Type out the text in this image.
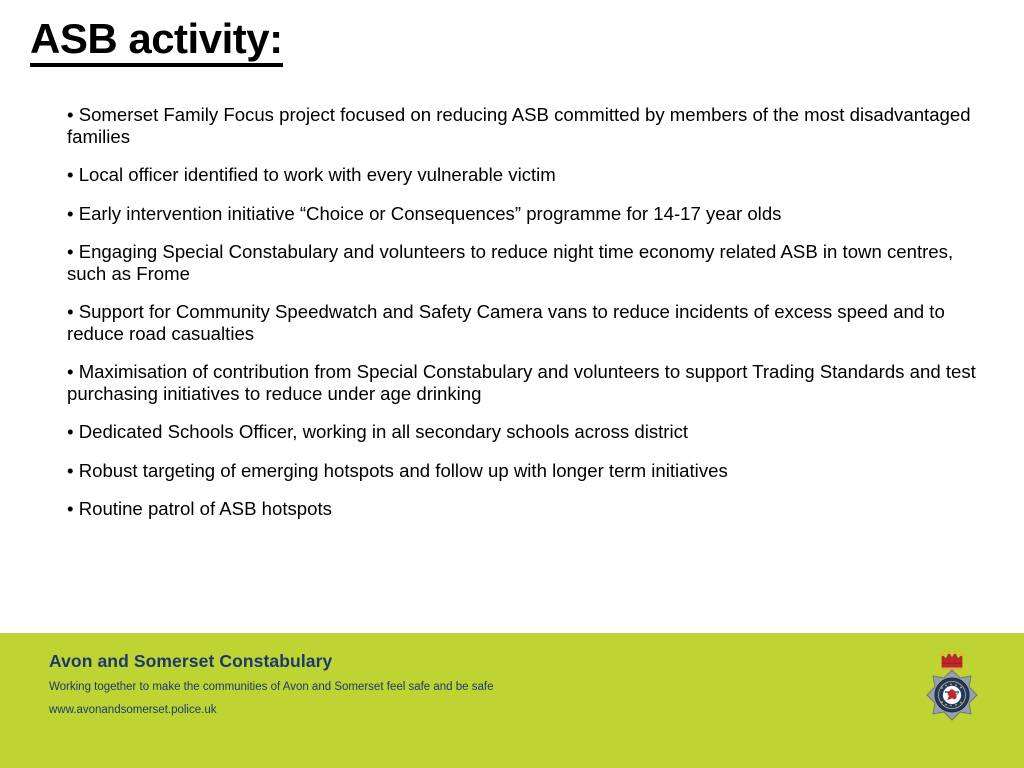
ASB activity:
• Somerset Family Focus project focused on reducing ASB committed by members of the most disadvantaged families
• Local officer identified to work with every vulnerable victim
• Early intervention initiative “Choice or Consequences” programme for 14-17 year olds
• Engaging Special Constabulary and volunteers to reduce night time economy related ASB in town centres, such as Frome
• Support for Community Speedwatch and Safety Camera vans to reduce incidents of excess speed and to reduce road casualties
• Maximisation of contribution from Special Constabulary and volunteers to support Trading Standards and test purchasing initiatives to reduce under age drinking
• Dedicated Schools Officer, working in all secondary schools across district
• Robust targeting of emerging hotspots and follow up with longer term initiatives
• Routine patrol of ASB hotspots
Avon and Somerset Constabulary
Working together to make the communities of Avon and Somerset feel safe and be safe
www.avonandsomerset.police.uk
